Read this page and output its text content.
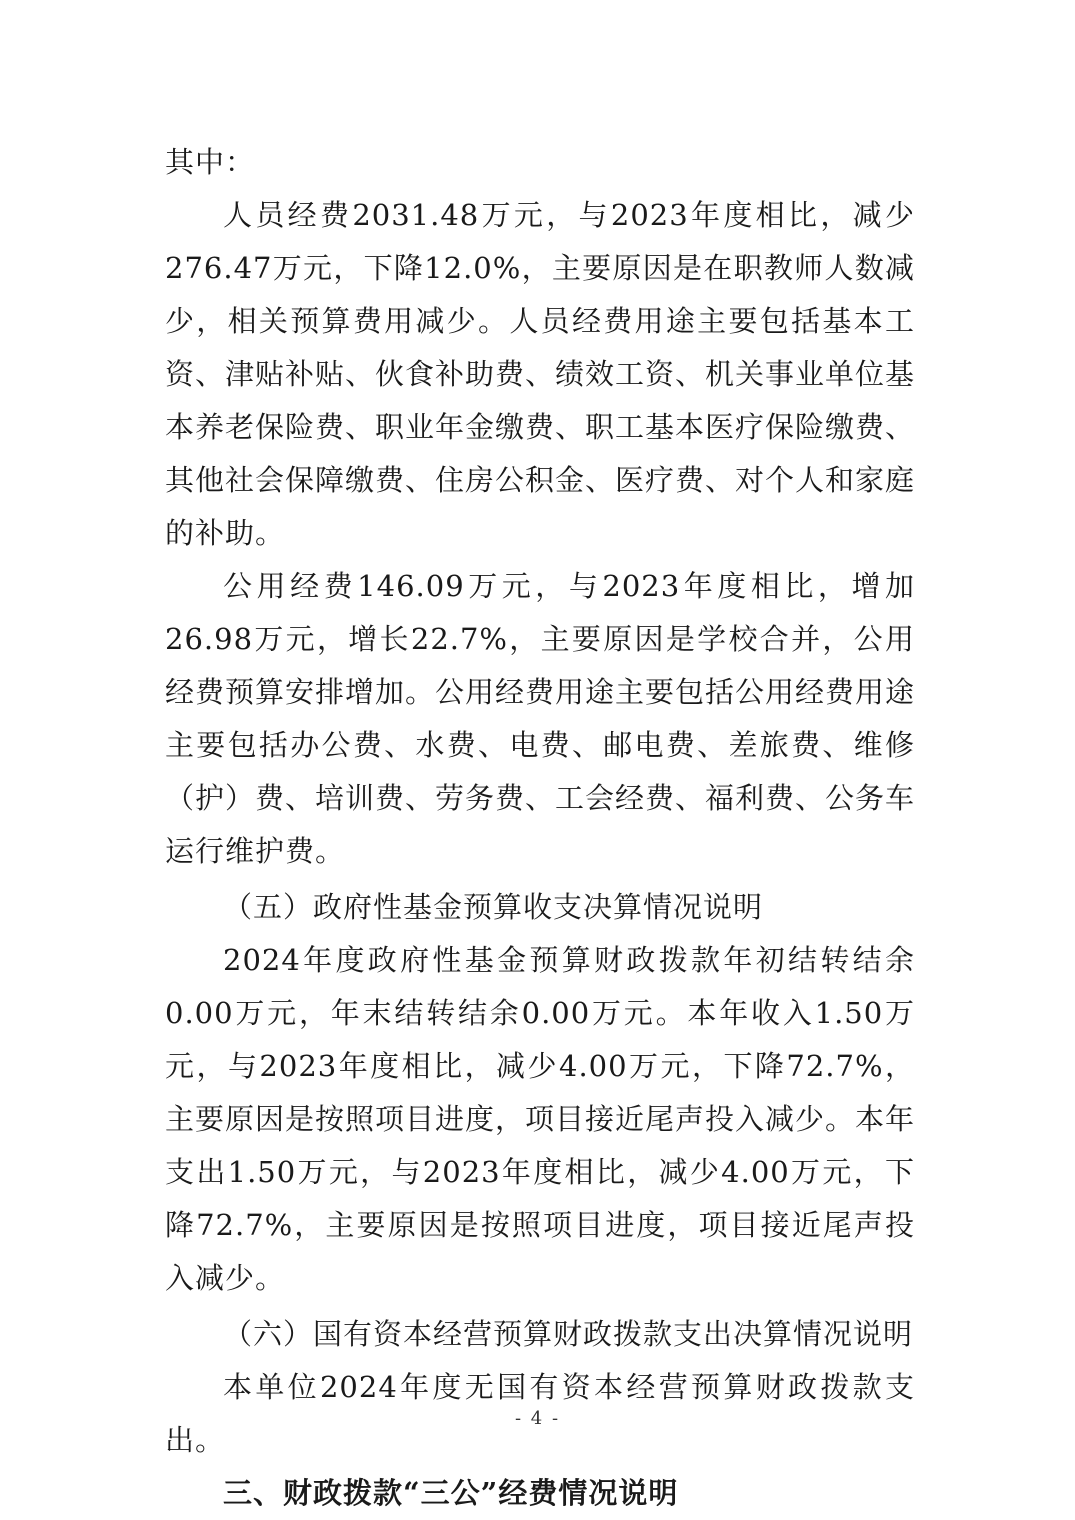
其中：

人员经费2031.48万元，与2023年度相比，减少276.47万元，下降12.0%，主要原因是在职教师人数减少，相关预算费用减少。人员经费用途主要包括基本工资、津贴补贴、伙食补助费、绩效工资、机关事业单位基本养老保险费、职业年金缴费、职工基本医疗保险缴费、其他社会保障缴费、住房公积金、医疗费、对个人和家庭的补助。

公用经费146.09万元，与2023年度相比，增加26.98万元，增长22.7%，主要原因是学校合并，公用经费预算安排增加。公用经费用途主要包括公用经费用途主要包括办公费、水费、电费、邮电费、差旅费、维修（护）费、培训费、劳务费、工会经费、福利费、公务车运行维护费。

（五）政府性基金预算收支决算情况说明

2024年度政府性基金预算财政拨款年初结转结余0.00万元，年末结转结余0.00万元。本年收入1.50万元，与2023年度相比，减少4.00万元，下降72.7%，主要原因是按照项目进度，项目接近尾声投入减少。本年支出1.50万元，与2023年度相比，减少4.00万元，下降72.7%，主要原因是按照项目进度，项目接近尾声投入减少。

（六）国有资本经营预算财政拨款支出决算情况说明

本单位2024年度无国有资本经营预算财政拨款支出。

三、财政拨款“三公”经费情况说明

- 4 -
